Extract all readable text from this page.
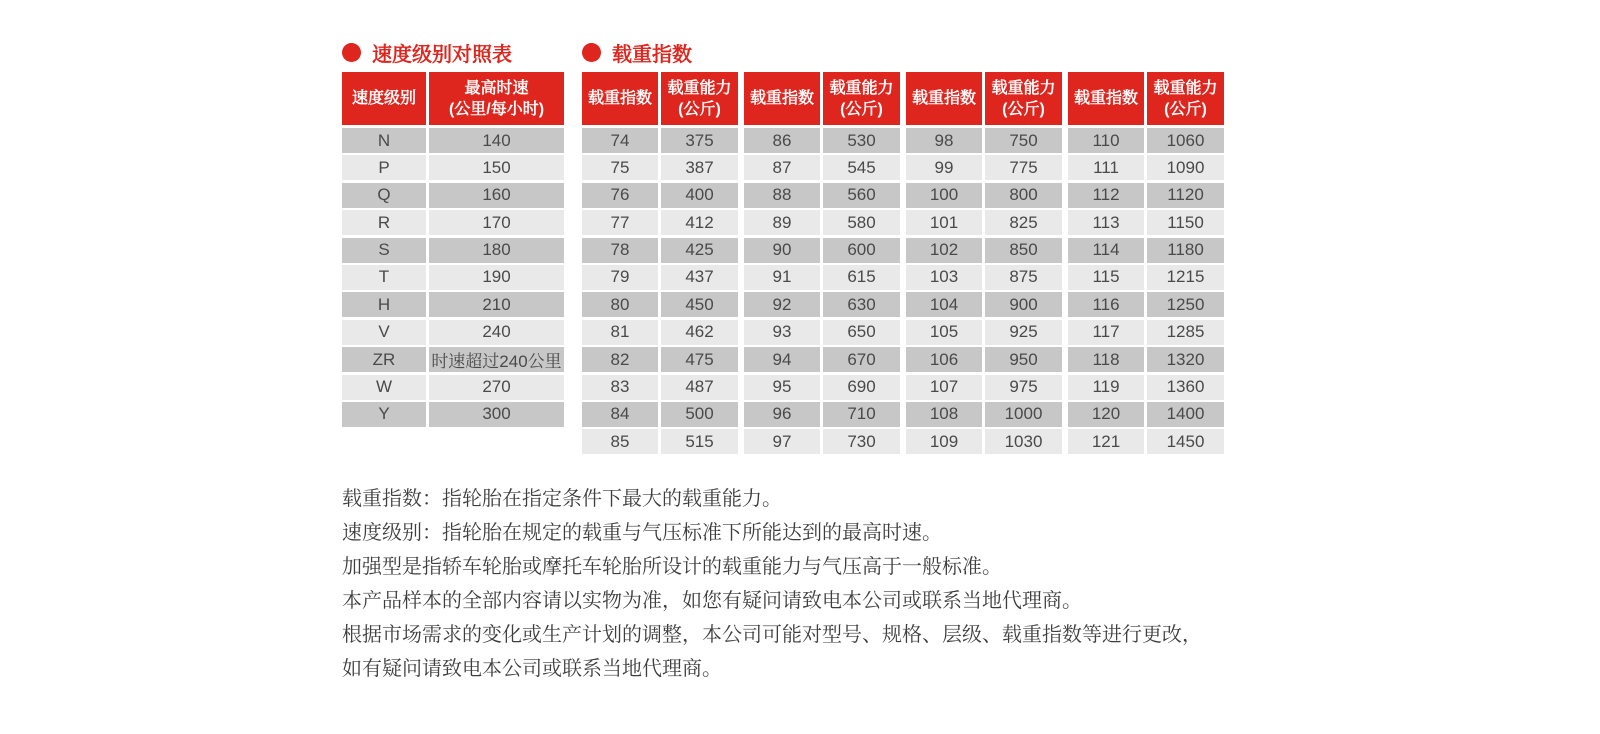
速度级别对照表
速度级别
最高时速
(公里/每小时)
N	140
P	150
Q	160
R	170
S	180
T	190
H	210
V	240
ZR	时速超过240公里
W	270
Y	300
载重指数
载重指数
载重能力
(公斤)
74	375
75	387
76	400
77	412
78	425
79	437
80	450
81	462
82	475
83	487
84	500
85	515
载重指数
载重能力
(公斤)
86	530
87	545
88	560
89	580
90	600
91	615
92	630
93	650
94	670
95	690
96	710
97	730
载重指数
载重能力
(公斤)
98	750
99	775
100	800
101	825
102	850
103	875
104	900
105	925
106	950
107	975
108	1000
109	1030
载重指数
载重能力
(公斤)
110	1060
111	1090
112	1120
113	1150
114	1180
115	1215
116	1250
117	1285
118	1320
119	1360
120	1400
121	1450
载重指数：指轮胎在指定条件下最大的载重能力。
速度级别：指轮胎在规定的载重与气压标准下所能达到的最高时速。
加强型是指轿车轮胎或摩托车轮胎所设计的载重能力与气压高于一般标准。
本产品样本的全部内容请以实物为准，如您有疑问请致电本公司或联系当地代理商。
根据市场需求的变化或生产计划的调整，本公司可能对型号、规格、层级、载重指数等进行更改，
如有疑问请致电本公司或联系当地代理商。
